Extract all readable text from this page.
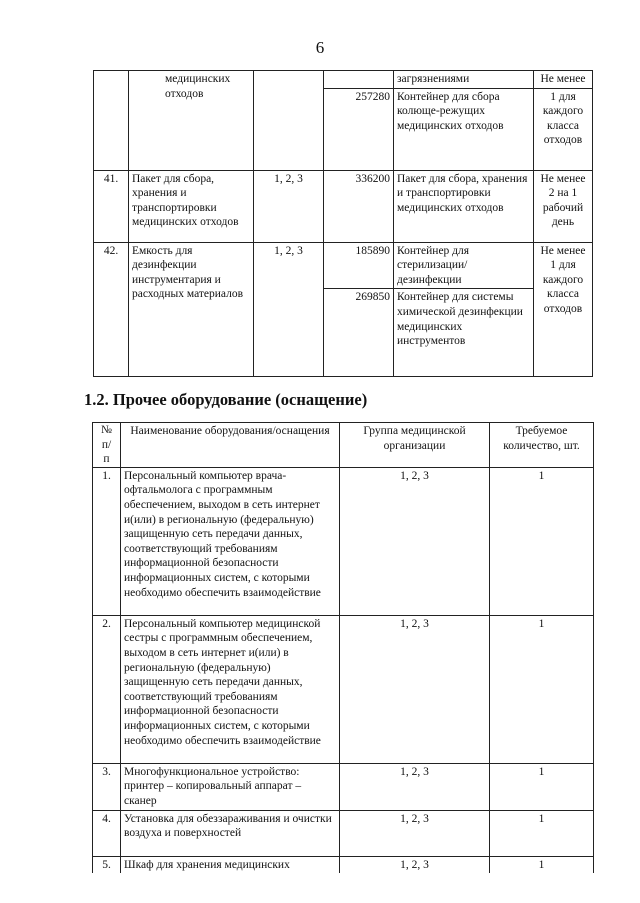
6
	медицинских отходов			загрязнениями	Не менее
			257280	Контейнер для сбора колюще-режущих медицинских отходов	1 для каждого класса отходов
41.	Пакет для сбора, хранения и транспортировки медицинских отходов	1, 2, 3	336200	Пакет для сбора, хранения и транспортировки медицинских отходов	Не менее 2 на 1 рабочий день
42.	Емкость для дезинфекции инструментария и расходных материалов	1, 2, 3	185890	Контейнер для стерилизации/ дезинфекции	Не менее 1 для каждого класса отходов
			269850	Контейнер для системы химической дезинфекции медицинских инструментов	
1.2. Прочее оборудование (оснащение)
№ п/п	Наименование оборудования/оснащения	Группа медицинской организации	Требуемое количество, шт.
1.	Персональный компьютер врача-офтальмолога с программным обеспечением, выходом в сеть интернет и(или) в региональную (федеральную) защищенную сеть передачи данных, соответствующий требованиям информационной безопасности информационных систем, с которыми необходимо обеспечить взаимодействие	1, 2, 3	1
2.	Персональный компьютер медицинской сестры с программным обеспечением, выходом в сеть интернет и(или) в региональную (федеральную) защищенную сеть передачи данных, соответствующий требованиям информационной безопасности информационных систем, с которыми необходимо обеспечить взаимодействие	1, 2, 3	1
3.	Многофункциональное устройство: принтер – копировальный аппарат – сканер	1, 2, 3	1
4.	Установка для обеззараживания и очистки воздуха и поверхностей	1, 2, 3	1
5.	Шкаф для хранения медицинских	1, 2, 3	1
